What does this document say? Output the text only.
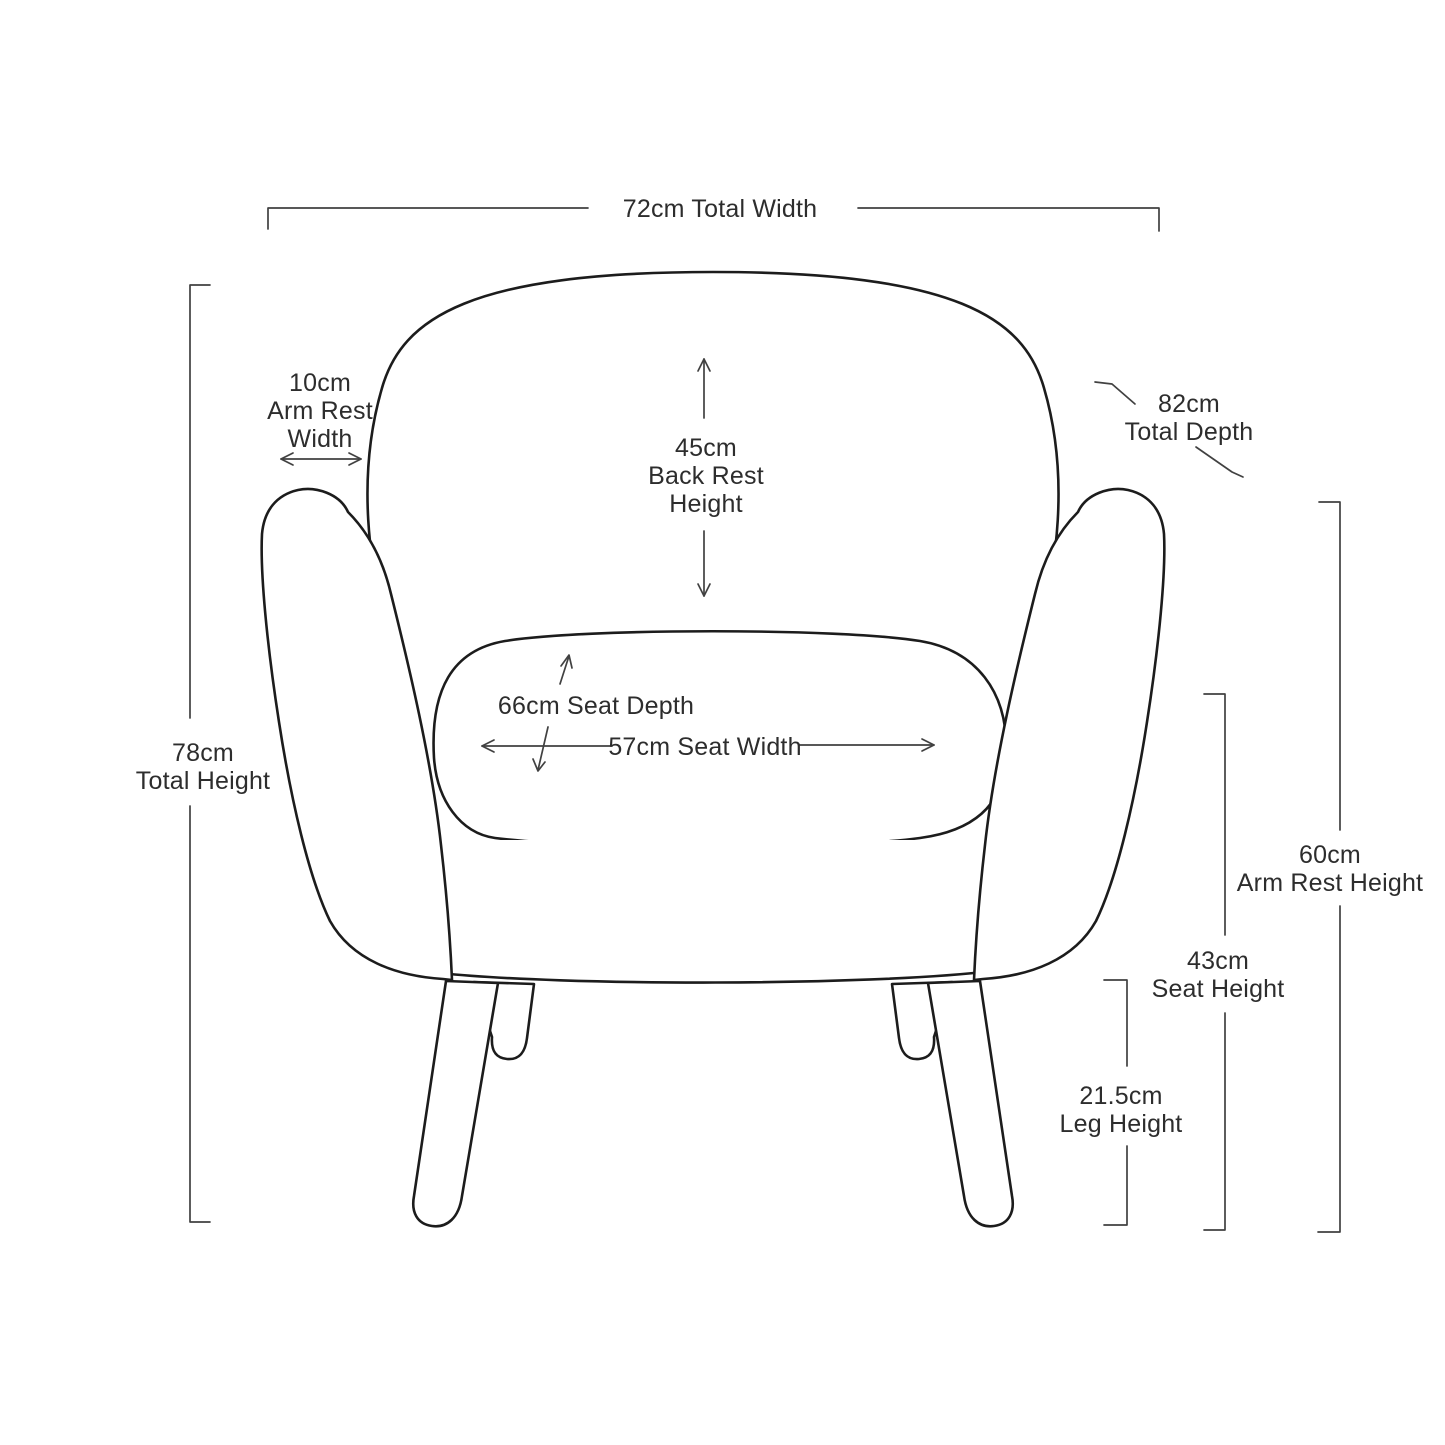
72cm Total Width
10cm
Arm Rest
Width	45cm
Back Rest
Height
82cm
Total Depth
66cm Seat Depth
57cm Seat Width
78cm
Total Height
60cm
Arm Rest Height
43cm
Seat Height
21.5cm
Leg Height
